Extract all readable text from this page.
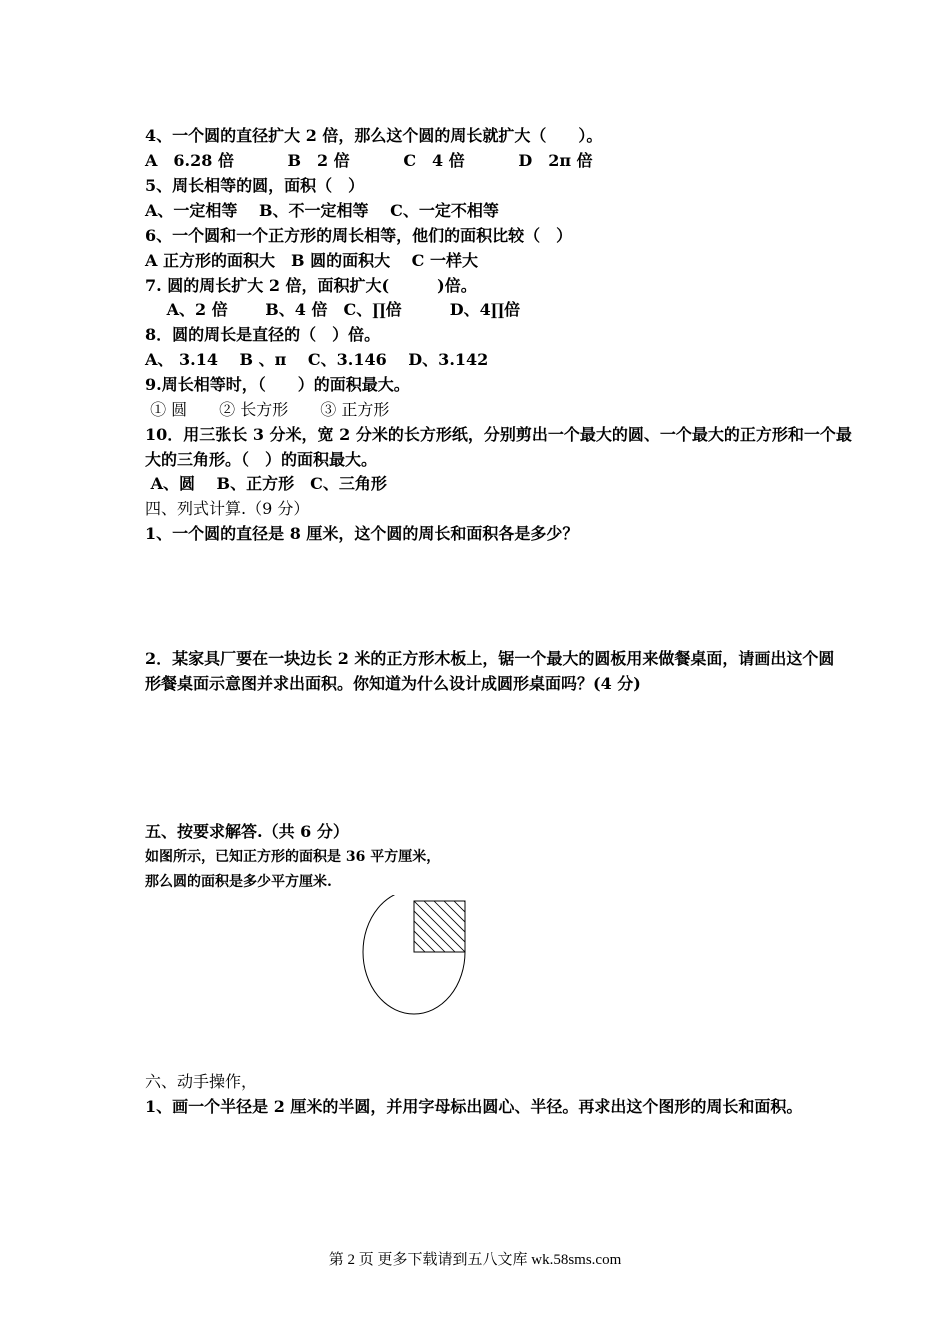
4、一个圆的直径扩大 2 倍，那么这个圆的周长就扩大（　　）。
A　6.28 倍　　　 B　2 倍　　　 C　4 倍　　　 D　2π 倍
5、周长相等的圆，面积（　）
A、一定相等　 B、不一定相等　 C、一定不相等
6、一个圆和一个正方形的周长相等，他们的面积比较（　）
A 正方形的面积大　B 圆的面积大　 C 一样大
7. 圆的周长扩大 2 倍，面积扩大(　　　)倍。
　 A、2 倍　　 B、4 倍　C、∏倍　　　D、4∏倍
8．圆的周长是直径的（　）倍。
A、 3.14　 B 、π　 C、3.146　 D、3.142
9.周长相等时，（　　）的面积最大。
① 圆　　② 长方形　　③ 正方形
10．用三张长 3 分米，宽 2 分米的长方形纸，分别剪出一个最大的圆、一个最大的正方形和一个最
大的三角形。（　）的面积最大。
A、圆　 B、正方形　C、三角形
四、列式计算.（9 分）
1、一个圆的直径是 8 厘米，这个圆的周长和面积各是多少？
2．某家具厂要在一块边长 2 米的正方形木板上，锯一个最大的圆板用来做餐桌面，请画出这个圆
形餐桌面示意图并求出面积。你知道为什么设计成圆形桌面吗？(4 分)
五、按要求解答.（共 6 分）
如图所示，已知正方形的面积是 36 平方厘米，
那么圆的面积是多少平方厘米.
六、动手操作，
1、画一个半径是 2 厘米的半圆，并用字母标出圆心、半径。再求出这个图形的周长和面积。
第 2 页 更多下载请到五八文库 wk.58sms.com
